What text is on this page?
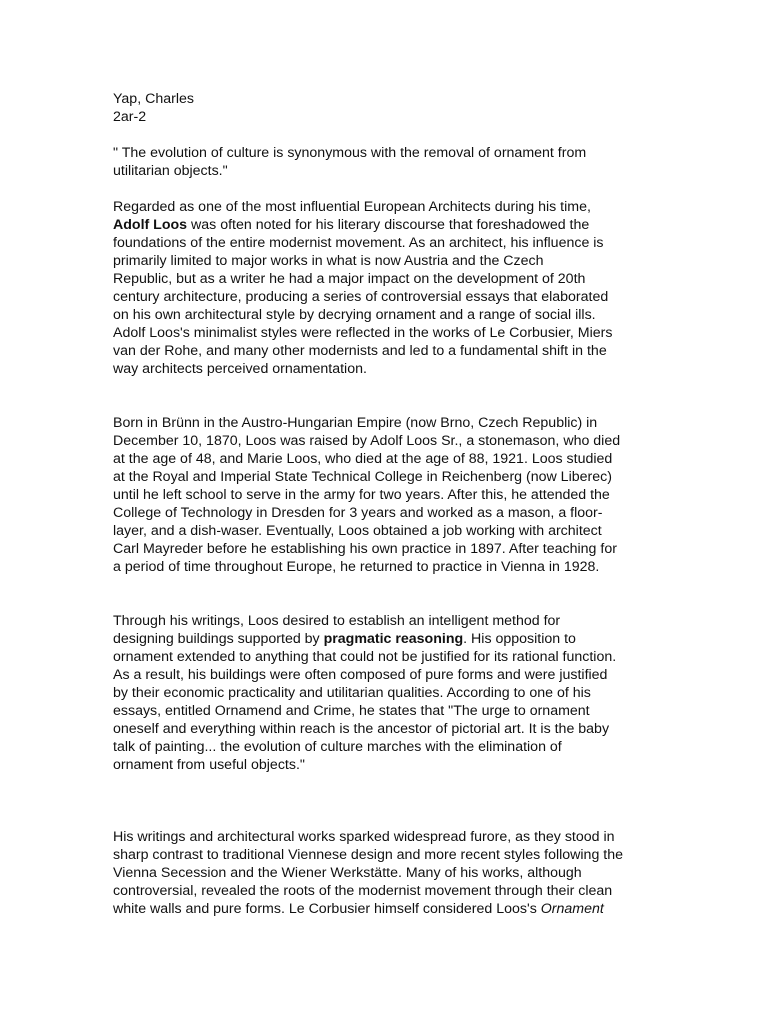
Yap, Charles
2ar-2
" The evolution of culture is synonymous with the removal of ornament from
utilitarian objects."
Regarded as one of the most influential European Architects during his time,
Adolf Loos was often noted for his literary discourse that foreshadowed the
foundations of the entire modernist movement. As an architect, his influence is
primarily limited to major works in what is now Austria and the Czech
Republic, but as a writer he had a major impact on the development of 20th
century architecture, producing a series of controversial essays that elaborated
on his own architectural style by decrying ornament and a range of social ills.
Adolf Loos's minimalist styles were reflected in the works of Le Corbusier, Miers
van der Rohe, and many other modernists and led to a fundamental shift in the
way architects perceived ornamentation.
Born in Brünn in the Austro-Hungarian Empire (now Brno, Czech Republic) in
December 10, 1870, Loos was raised by Adolf Loos Sr., a stonemason, who died
at the age of 48, and Marie Loos, who died at the age of 88, 1921. Loos studied
at the Royal and Imperial State Technical College in Reichenberg (now Liberec)
until he left school to serve in the army for two years. After this, he attended the
College of Technology in Dresden for 3 years and worked as a mason, a floor-
layer, and a dish-waser. Eventually, Loos obtained a job working with architect
Carl Mayreder before he establishing his own practice in 1897. After teaching for
a period of time throughout Europe, he returned to practice in Vienna in 1928.
Through his writings, Loos desired to establish an intelligent method for
designing buildings supported by pragmatic reasoning. His opposition to
ornament extended to anything that could not be justified for its rational function.
As a result, his buildings were often composed of pure forms and were justified
by their economic practicality and utilitarian qualities. According to one of his
essays, entitled Ornamend and Crime, he states that "The urge to ornament
oneself and everything within reach is the ancestor of pictorial art. It is the baby
talk of painting... the evolution of culture marches with the elimination of
ornament from useful objects."
His writings and architectural works sparked widespread furore, as they stood in
sharp contrast to traditional Viennese design and more recent styles following the
Vienna Secession and the Wiener Werkstätte. Many of his works, although
controversial, revealed the roots of the modernist movement through their clean
white walls and pure forms. Le Corbusier himself considered Loos's Ornament
